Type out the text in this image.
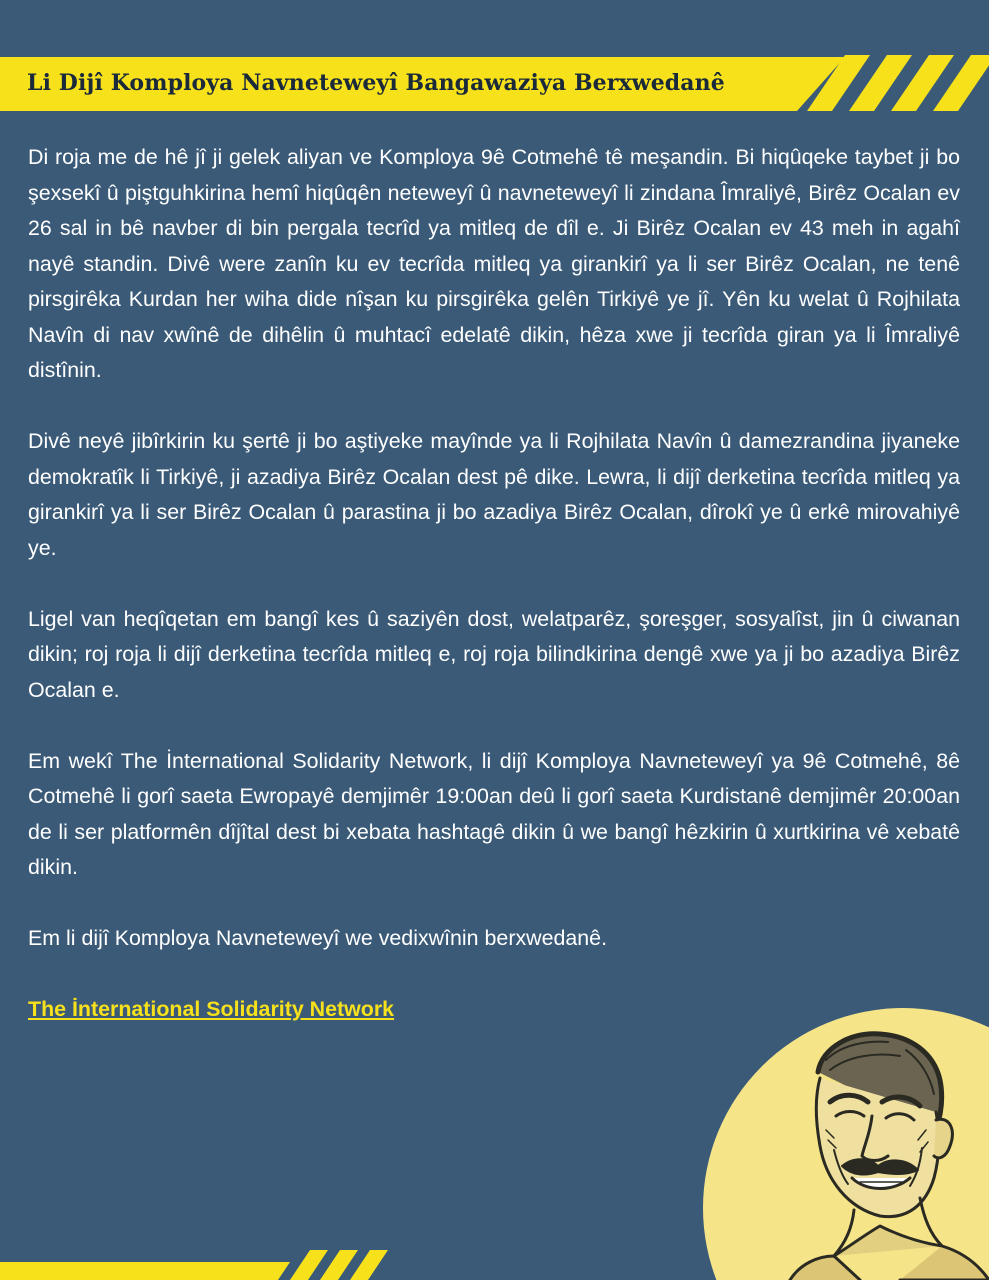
Li Dijî Komploya Navneteweyî Bangawaziya Berxwedanê

Di roja me de hê jî ji gelek aliyan ve Komploya 9ê Cotmehê tê meşandin. Bi hiqûqeke taybet ji bo şexsekî û piştguhkirina hemî hiqûqên neteweyî û navneteweyî li zindana Îmraliyê, Birêz Ocalan ev 26 sal in bê navber di bin pergala tecrîd ya mitleq de dîl e. Ji Birêz Ocalan ev 43 meh in agahî nayê standin. Divê were zanîn ku ev tecrîda mitleq ya girankirî ya li ser Birêz Ocalan, ne tenê pirsgirêka Kurdan her wiha dide nîşan ku pirsgirêka gelên Tirkiyê ye jî. Yên ku welat û Rojhilata Navîn di nav xwînê de dihêlin û muhtacî edelatê dikin, hêza xwe ji tecrîda giran ya li Îmraliyê distînin.

Divê neyê jibîrkirin ku şertê ji bo aştiyeke mayînde ya li Rojhilata Navîn û damezrandina jiyaneke demokratîk li Tirkiyê, ji azadiya Birêz Ocalan dest pê dike. Lewra, li dijî derketina tecrîda mitleq ya girankirî ya li ser Birêz Ocalan û parastina ji bo azadiya Birêz Ocalan, dîrokî ye û erkê mirovahiyê ye.

Ligel van heqîqetan em bangî kes û saziyên dost, welatparêz, şoreşger, sosyalîst, jin û ciwanan dikin; roj roja li dijî derketina tecrîda mitleq e, roj roja bilindkirina dengê xwe ya ji bo azadiya Birêz Ocalan e.

Em wekî The İnternational Solidarity Network, li dijî Komploya Navneteweyî ya 9ê Cotmehê, 8ê Cotmehê li gorî saeta Ewropayê demjimêr 19:00an deû li gorî saeta Kurdistanê demjimêr 20:00an de li ser platformên dîjîtal dest bi xebata hashtagê dikin û we bangî hêzkirin û xurtkirina vê xebatê dikin.

Em li dijî Komploya Navneteweyî we vedixwînin berxwedanê.

The İnternational Solidarity Network
